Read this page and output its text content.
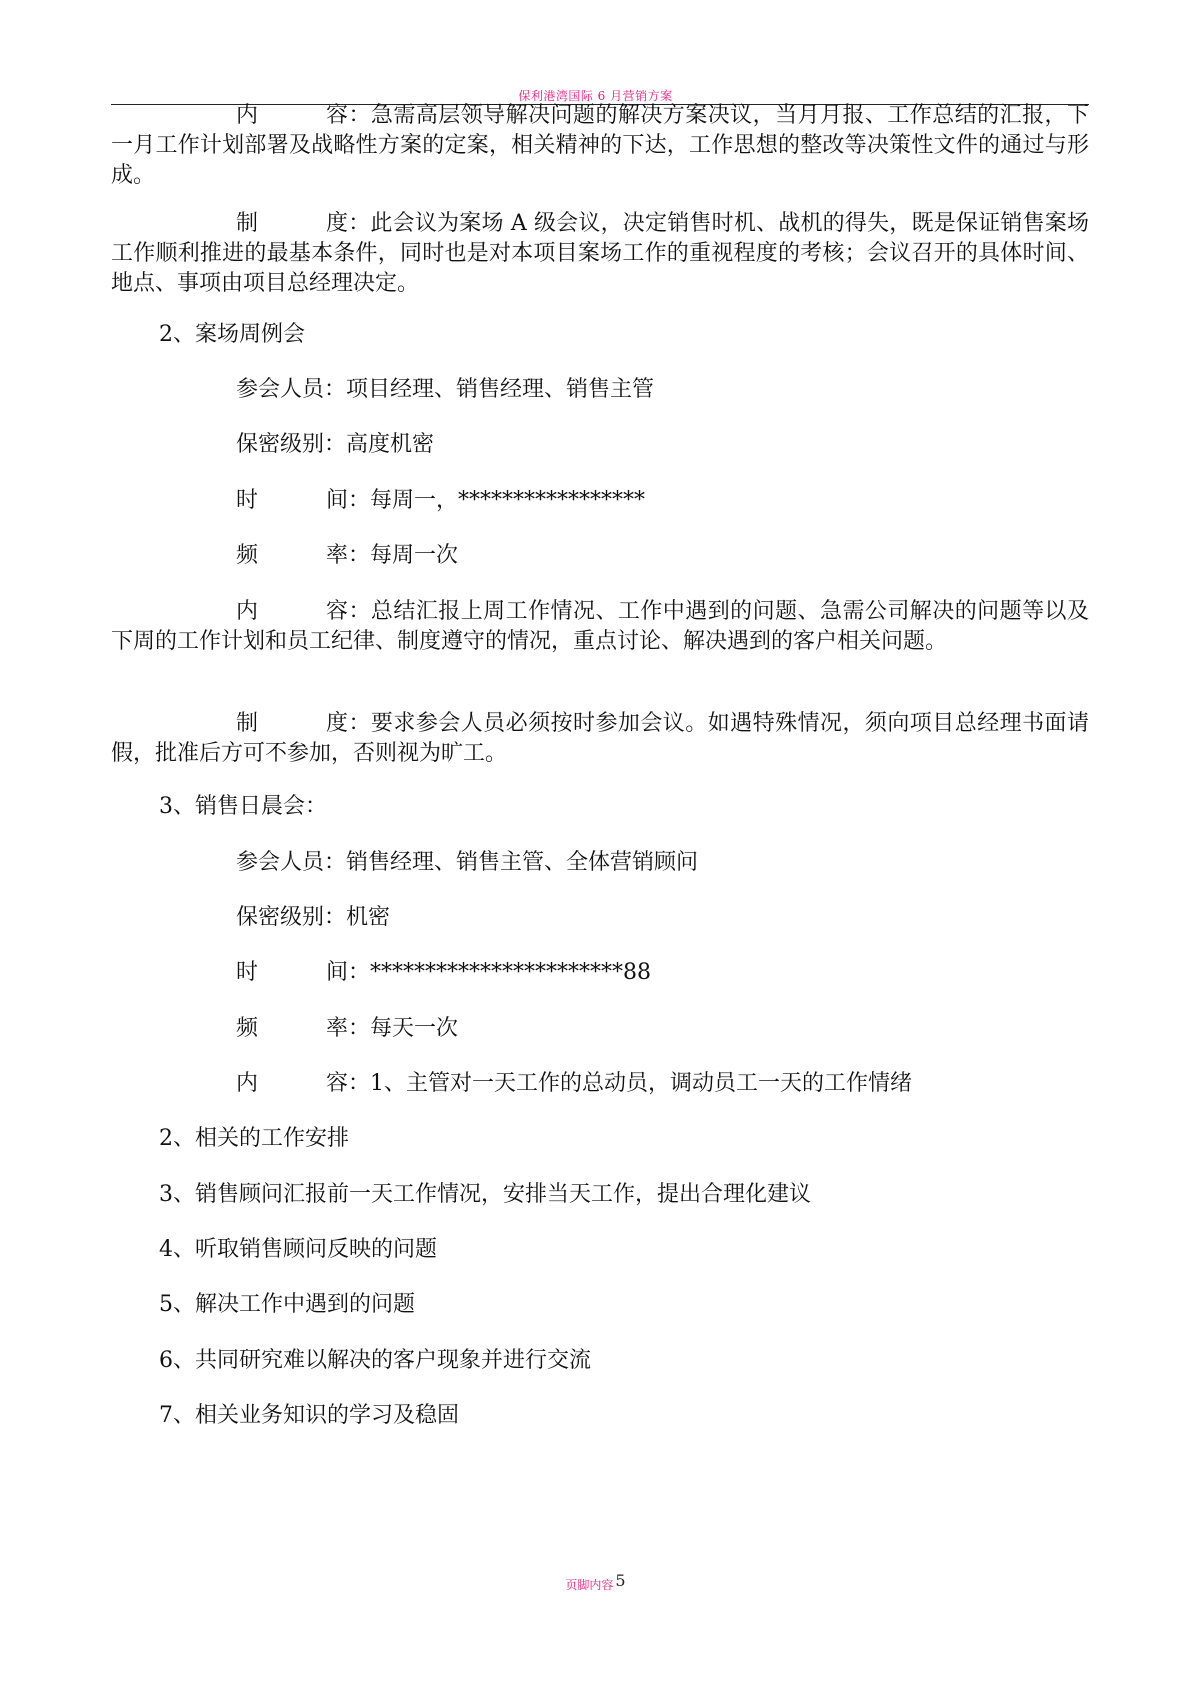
保利港湾国际 6 月营销方案

内	容 ：急需高层领导解决问题的解决方案决议，当月月报、工作总结的汇报，下一月工作计划部署及战略性方案的定案，相关精神的下达，工作思想的整改等决策性文件的通过与形成。

制	度 ：此会议为案场 A 级会议，决定销售时机、战机的得失，既是保证销售案场工作顺利推进的最基本条件，同时也是对本项目案场工作的重视程度的考核；会议召开的具体时间、地点、事项由项目总经理决定。

2、案场周例会
参会人员：项目经理、销售经理、销售主管
保密级别：高度机密
时	间 ：每周一，*****************
频	率 ：每周一次

内	容 ：总结汇报上周工作情况、工作中遇到的问题、急需公司解决的问题等以及下周的工作计划和员工纪律、制度遵守的情况，重点讨论、解决遇到的客户相关问题。

制	度 ：要求参会人员必须按时参加会议。如遇特殊情况，须向项目总经理书面请假，批准后方可不参加，否则视为旷工。

3、销售日晨会：
参会人员：销售经理、销售主管、全体营销顾问
保密级别：机密
时	间 ：***********************88
频	率 ：每天一次
内	容 ：1、主管对一天工作的总动员，调动员工一天的工作情绪
2、相关的工作安排
3、销售顾问汇报前一天工作情况，安排当天工作，提出合理化建议
4、听取销售顾问反映的问题
5、解决工作中遇到的问题
6、共同研究难以解决的客户现象并进行交流
7、相关业务知识的学习及稳固
页脚内容 5
